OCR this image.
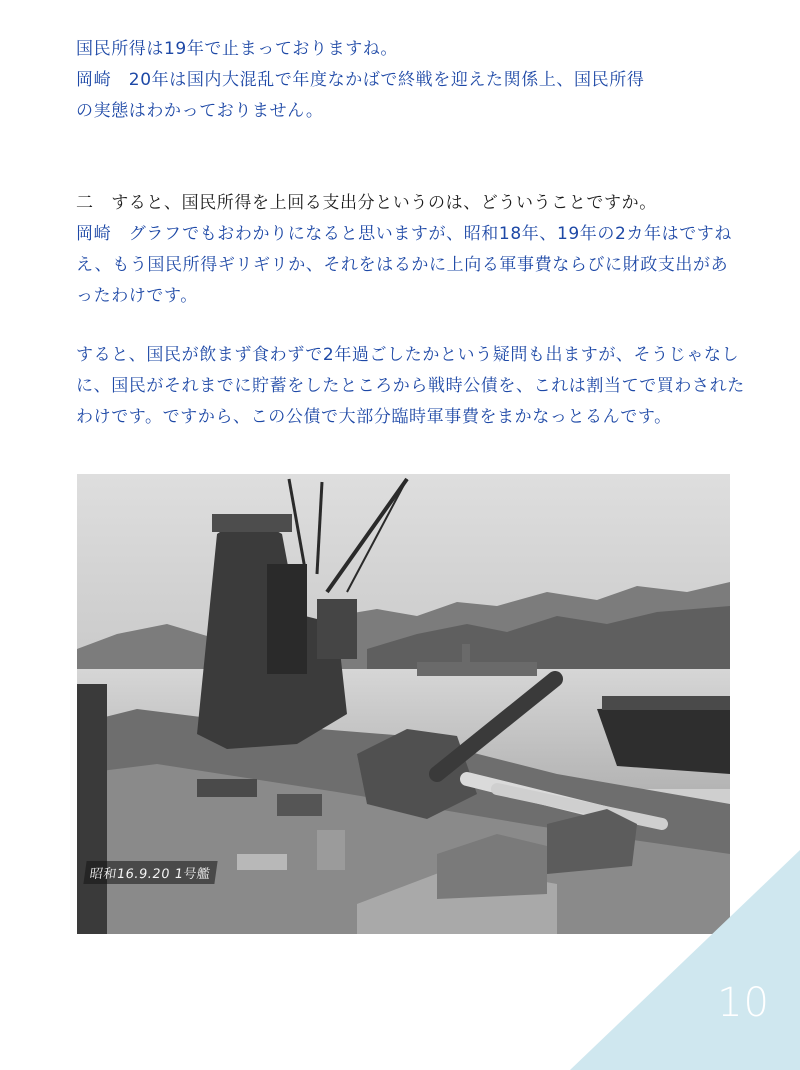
国民所得は19年で止まっておりますね。
岡崎　20年は国内大混乱で年度なかばで終戦を迎えた関係上、国民所得
の実態はわかっておりません。
二　すると、国民所得を上回る支出分というのは、どういうことですか。
岡崎　グラフでもおわかりになると思いますが、昭和18年、19年の2カ年はですね
え、もう国民所得ギリギリか、それをはるかに上向る軍事費ならびに財政支出があ
ったわけです。
すると、国民が飲まず食わずで2年過ごしたかという疑問も出ますが、そうじゃなし
に、国民がそれまでに貯蓄をしたところから戦時公債を、これは割当てで買わされた
わけです。ですから、この公債で大部分臨時軍事費をまかなっとるんです。
昭和16.9.20 1号艦
10
